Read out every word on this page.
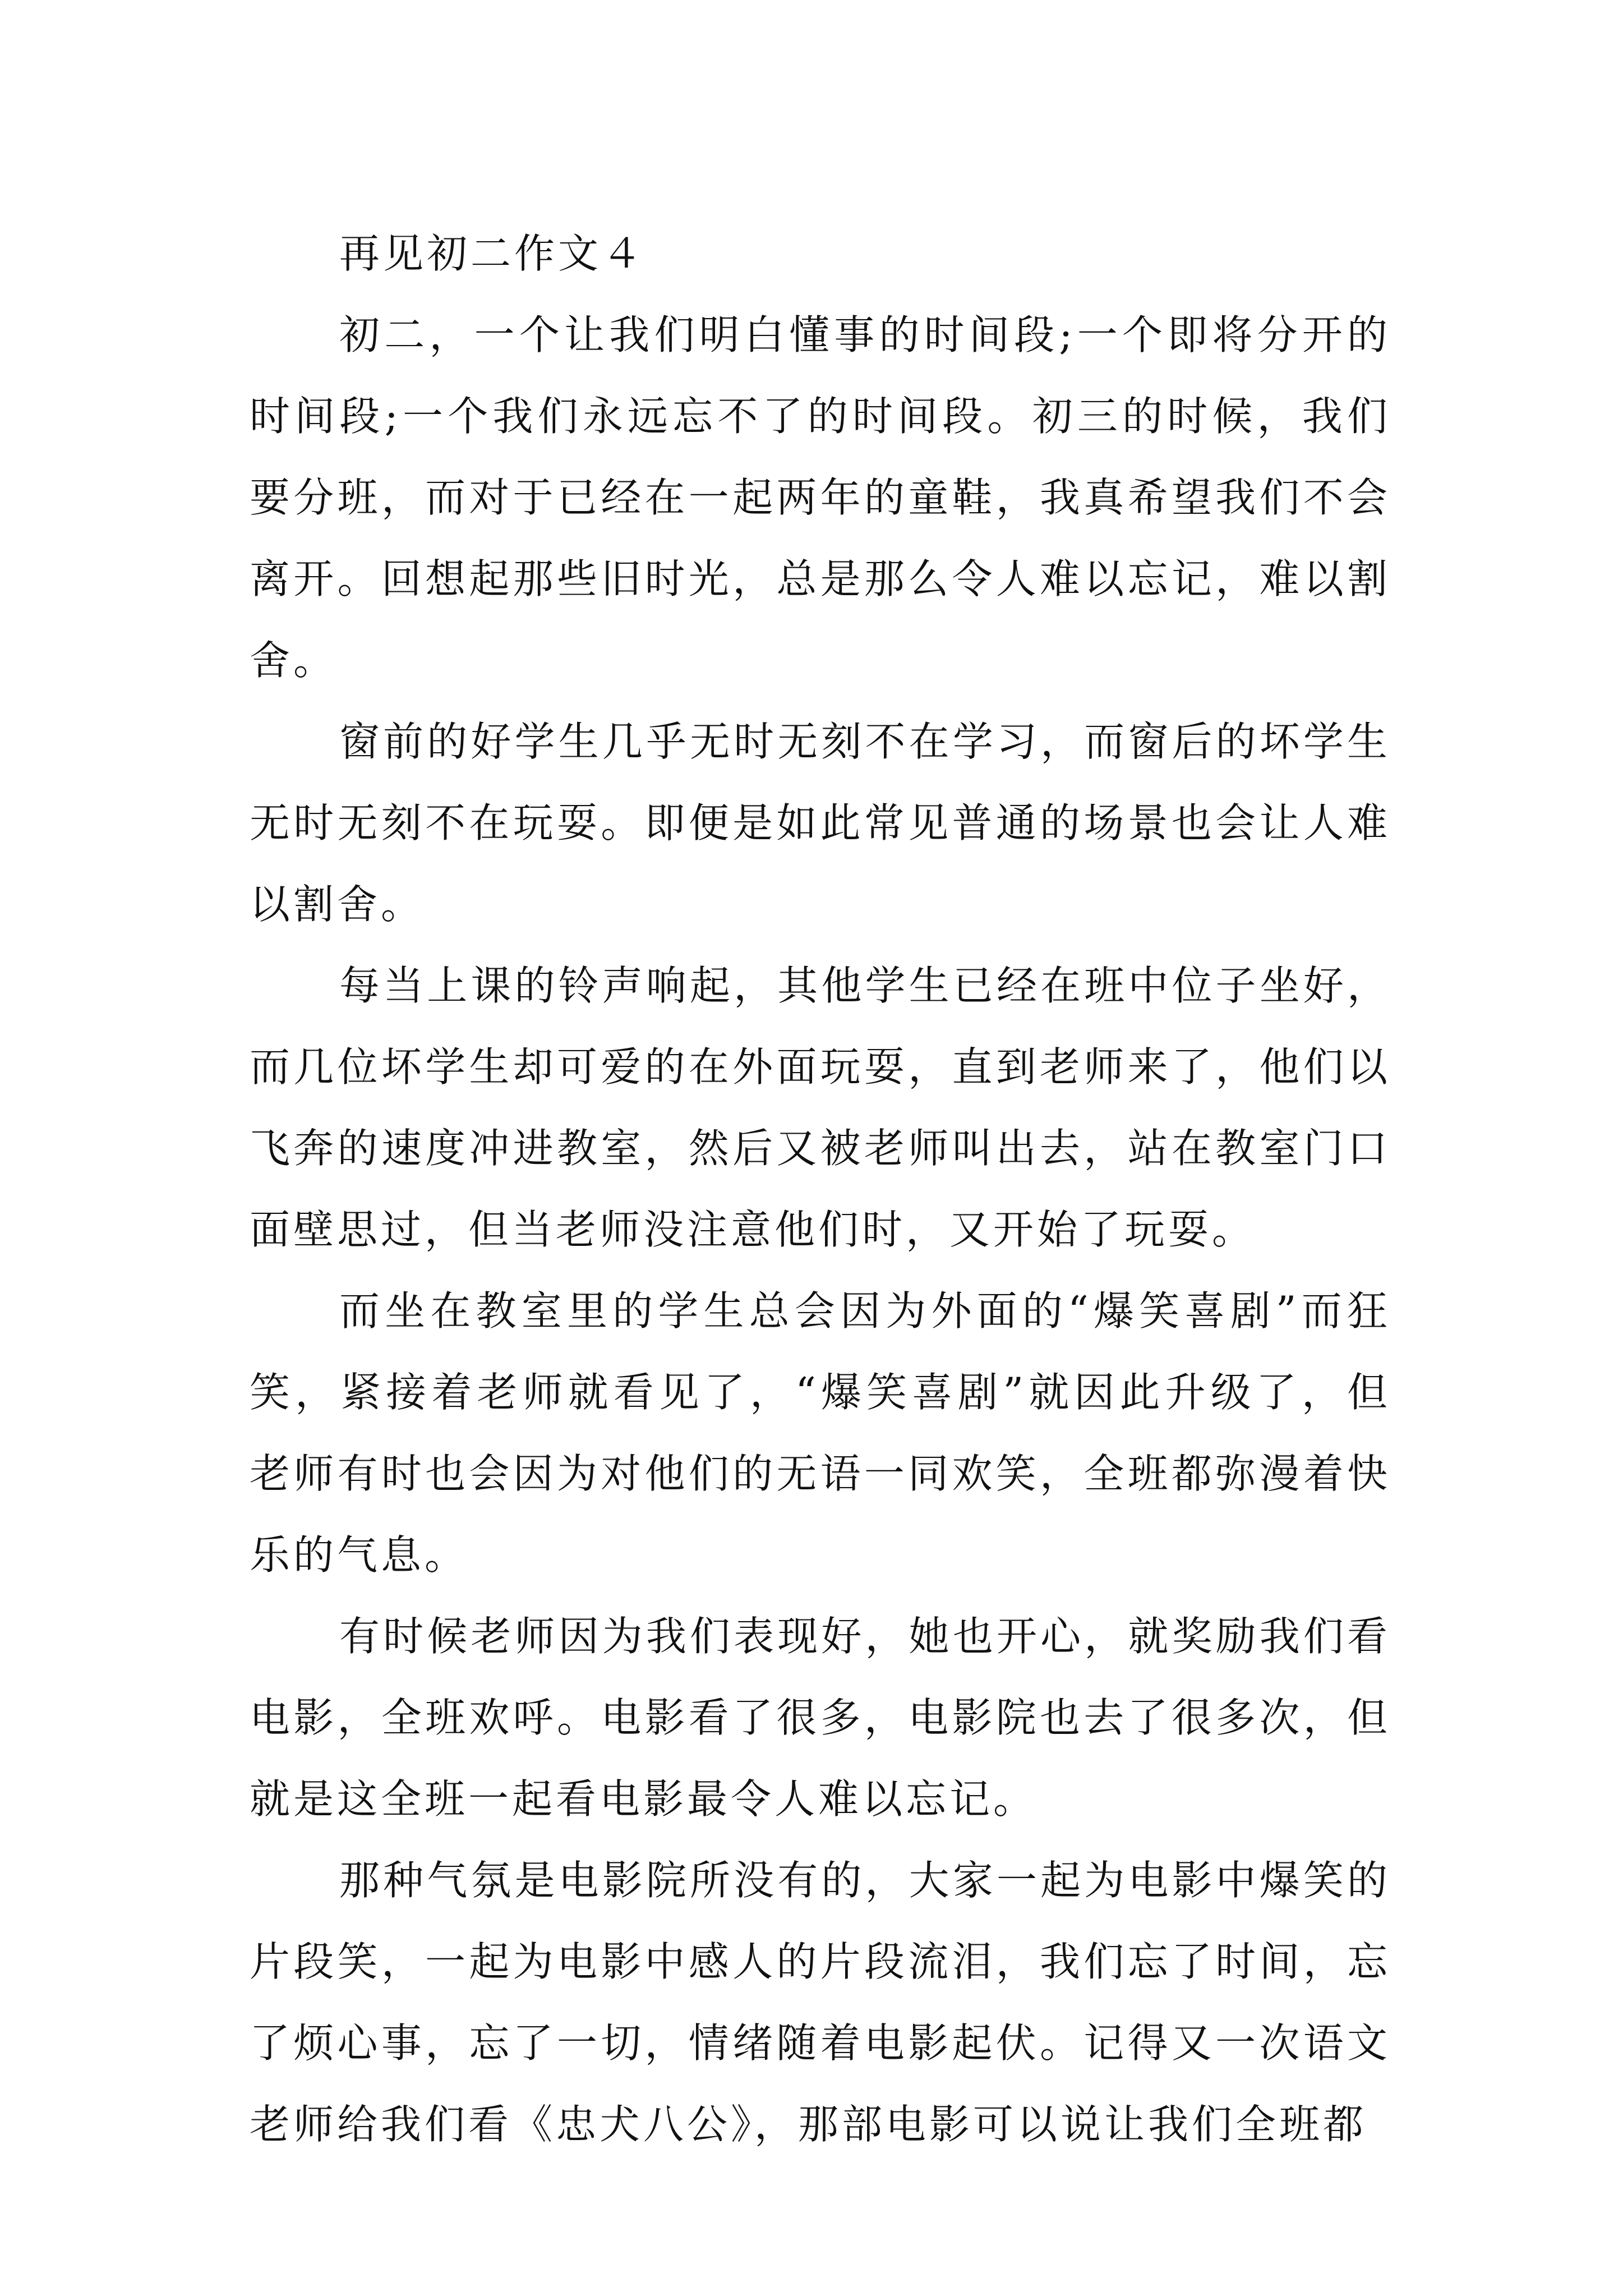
再见初二作文４

初二，一个让我们明白懂事的时间段;一个即将分开的时间段;一个我们永远忘不了的时间段。初三的时候，我们要分班，而对于已经在一起两年的童鞋，我真希望我们不会离开。回想起那些旧时光，总是那么令人难以忘记，难以割舍。

窗前的好学生几乎无时无刻不在学习，而窗后的坏学生无时无刻不在玩耍。即便是如此常见普通的场景也会让人难以割舍。

每当上课的铃声响起，其他学生已经在班中位子坐好，而几位坏学生却可爱的在外面玩耍，直到老师来了，他们以飞奔的速度冲进教室，然后又被老师叫出去，站在教室门口面壁思过，但当老师没注意他们时，又开始了玩耍。

而坐在教室里的学生总会因为外面的“爆笑喜剧”而狂笑，紧接着老师就看见了，“爆笑喜剧”就因此升级了，但老师有时也会因为对他们的无语一同欢笑，全班都弥漫着快乐的气息。

有时候老师因为我们表现好，她也开心，就奖励我们看电影，全班欢呼。电影看了很多，电影院也去了很多次，但就是这全班一起看电影最令人难以忘记。

那种气氛是电影院所没有的，大家一起为电影中爆笑的片段笑，一起为电影中感人的片段流泪，我们忘了时间，忘了烦心事，忘了一切，情绪随着电影起伏。记得又一次语文老师给我们看《忠犬八公》，那部电影可以说让我们全班都
